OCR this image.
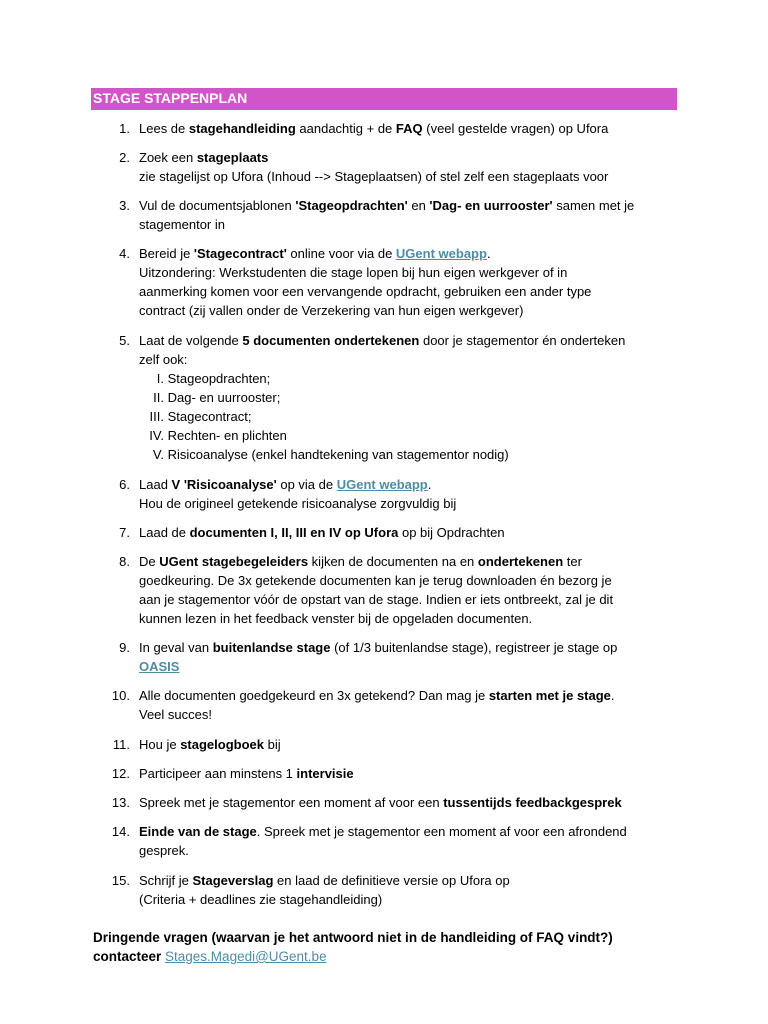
STAGE STAPPENPLAN
1. Lees de stagehandleiding aandachtig + de FAQ (veel gestelde vragen) op Ufora
2. Zoek een stageplaats
zie stagelijst op Ufora (Inhoud --> Stageplaatsen) of stel zelf een stageplaats voor
3. Vul de documentsjablonen 'Stageopdrachten' en 'Dag- en uurrooster' samen met je
stagementor in
4. Bereid je 'Stagecontract' online voor via de UGent webapp.
Uitzondering: Werkstudenten die stage lopen bij hun eigen werkgever of in
aanmerking komen voor een vervangende opdracht, gebruiken een ander type
contract (zij vallen onder de Verzekering van hun eigen werkgever)
5. Laat de volgende 5 documenten ondertekenen door je stagementor én onderteken
zelf ook:
I. Stageopdrachten;
II. Dag- en uurrooster;
III. Stagecontract;
IV. Rechten- en plichten
V. Risicoanalyse (enkel handtekening van stagementor nodig)
6. Laad V 'Risicoanalyse' op via de UGent webapp.
Hou de origineel getekende risicoanalyse zorgvuldig bij
7. Laad de documenten I, II, III en IV op Ufora op bij Opdrachten
8. De UGent stagebegeleiders kijken de documenten na en ondertekenen ter
goedkeuring. De 3x getekende documenten kan je terug downloaden én bezorg je
aan je stagementor vóór de opstart van de stage. Indien er iets ontbreekt, zal je dit
kunnen lezen in het feedback venster bij de opgeladen documenten.
9. In geval van buitenlandse stage (of 1/3 buitenlandse stage), registreer je stage op
OASIS
10. Alle documenten goedgekeurd en 3x getekend? Dan mag je starten met je stage.
Veel succes!
11. Hou je stagelogboek bij
12. Participeer aan minstens 1 intervisie
13. Spreek met je stagementor een moment af voor een tussentijds feedbackgesprek
14. Einde van de stage. Spreek met je stagementor een moment af voor een afrondend
gesprek.
15. Schrijf je Stageverslag en laad de definitieve versie op Ufora op
(Criteria + deadlines zie stagehandleiding)
Dringende vragen (waarvan je het antwoord niet in de handleiding of FAQ vindt?)
contacteer Stages.Magedi@UGent.be
